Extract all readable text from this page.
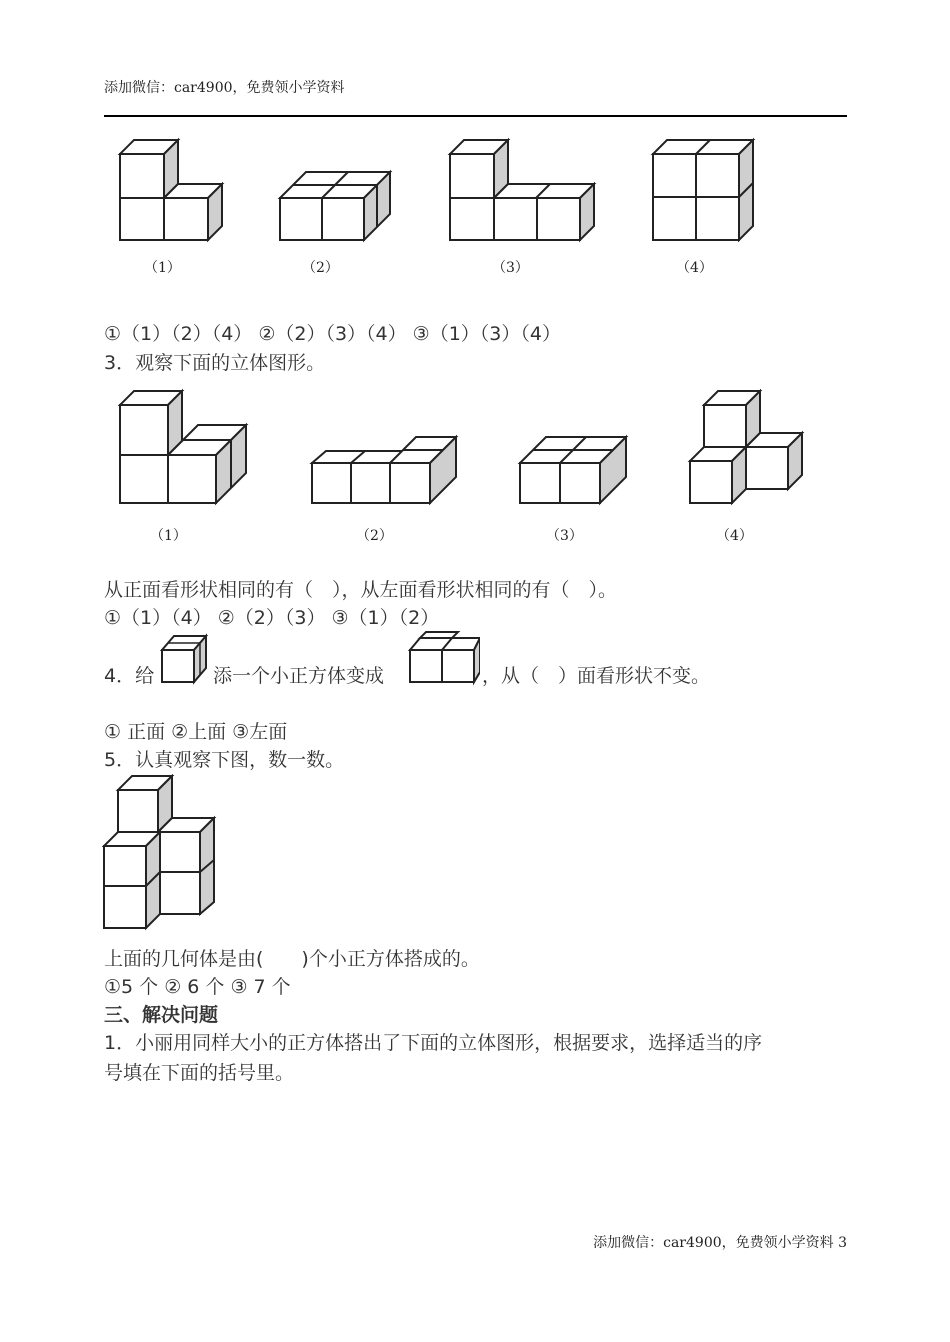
添加微信：car4900，免费领小学资料
（1）	（2）	（3）	（4）
①（1）（2）（4） ②（2）（3）（4） ③（1）（3）（4）
3．观察下面的立体图形。
（1）	（2）	（3）	（4）
从正面看形状相同的有（　），从左面看形状相同的有（　）。
①（1）（4） ②（2）（3） ③（1）（2）
4．给	添一个小正方体变成	，从（　）面看形状不变。
① 正面 ②上面 ③左面
5．认真观察下图，数一数。
上面的几何体是由(　　)个小正方体搭成的。
①5 个 ② 6 个 ③ 7 个
三、解决问题
1．小丽用同样大小的正方体搭出了下面的立体图形，根据要求，选择适当的序
号填在下面的括号里。
添加微信：car4900，免费领小学资料 3
